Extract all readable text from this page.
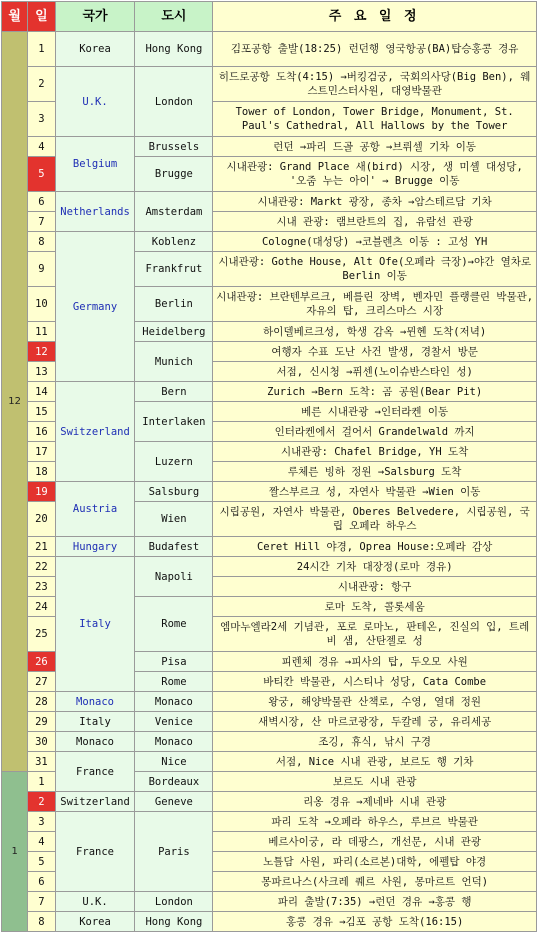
월	일	국가	도시	주 요 일 정
12	1	Korea	Hong Kong	김포공항 출발(18:25) 런던행 영국항공(BA)탑승홍콩 경유
	2	U.K.	London	히드로공항 도착(4:15) →버킹검궁, 국회의사당(Big Ben), 웨스트민스터사원, 대영박물관
	3			Tower of London, Tower Bridge, Monument, St. Paul's Cathedral, All Hallows by the Tower
	4	Belgium	Brussels	런던 →파리 드골 공항 →브뤼셀 기차 이동
	5		Brugge	시내관광: Grand Place 새(bird) 시장, 생 미셸 대성당, '오줌 누는 아이' → Brugge 이동
	6	Netherlands	Amsterdam	시내관광: Markt 광장, 종차 →암스테르담 기차
	7			시내 관광: 램브란트의 집, 유람선 관광
	8	Germany	Koblenz	Cologne(대성당) →코블렌츠 이동 : 고성 YH
	9		Frankfrut	시내관광: Gothe House, Alt Ofe(오페라 극장)→야간 열차로 Berlin 이동
	10		Berlin	시내관광: 브란텐부르크, 베를린 장벽, 벤자민 플랭클린 박물관, 자유의 탑, 크리스마스 시장
	11		Heidelberg	하이델베르크성, 학생 감옥 →뮌헨 도착(저녁)
	12		Munich	여행자 수표 도난 사건 발생, 경찰서 방문
	13			서점, 신시청 →퓌센(노이슈반스타인 성)
	14	Switzerland	Bern	Zurich →Bern 도착: 곰 공원(Bear Pit)
	15		Interlaken	베른 시내관광 →인터라켄 이동
	16			인터라켄에서 걸어서 Grandelwald 까지
	17		Luzern	시내관광: Chafel Bridge, YH 도착
	18			루체른 빙하 정원 →Salsburg 도착
	19	Austria	Salsburg	짤스부르크 성, 자연사 박물관 →Wien 이동
	20		Wien	시립공원, 자연사 박물관, Oberes Belvedere, 시립공원, 국립 오페라 하우스
	21	Hungary	Budafest	Ceret Hill 야경, Oprea House:오페라 감상
	22	Italy	Napoli	24시간 기차 대장정(로마 경유)
	23			시내관광: 항구
	24		Rome	로마 도착, 콜롯세움
	25			엠마누엘라2세 기념관, 포로 로마노, 판테온, 진실의 입, 트레비 샘, 산탄젤로 성
	26		Pisa	피렌체 경유 →피사의 탑, 두오모 사원
	27		Rome	바티칸 박물관, 시스티나 성당, Cata Combe
	28	Monaco	Monaco	왕궁, 해양박물관 산책로, 수영, 열대 정원
	29	Italy	Venice	새벽시장, 산 마르코광장, 두칼레 궁, 유리세공
	30	Monaco	Monaco	조깅, 휴식, 낚시 구경
	31	France	Nice	서점, Nice 시내 관광, 보르도 행 기차
1	1		Bordeaux	보르도 시내 관광
	2	Switzerland	Geneve	리옹 경유 →제네바 시내 관광
	3	France	Paris	파리 도착 →오페라 하우스, 루브르 박물관
	4			베르사이궁, 라 데팡스, 개선문, 시내 관광
	5			노틀담 사원, 파리(소르본)대학, 에펠탑 야경
	6			몽파르나스(사크레 퀘르 사원, 몽마르트 언덕)
	7	U.K.	London	파리 출발(7:35) →런던 경유 →홍콩 행
	8	Korea	Hong Kong	홍콩 경유 →김포 공항 도착(16:15)
